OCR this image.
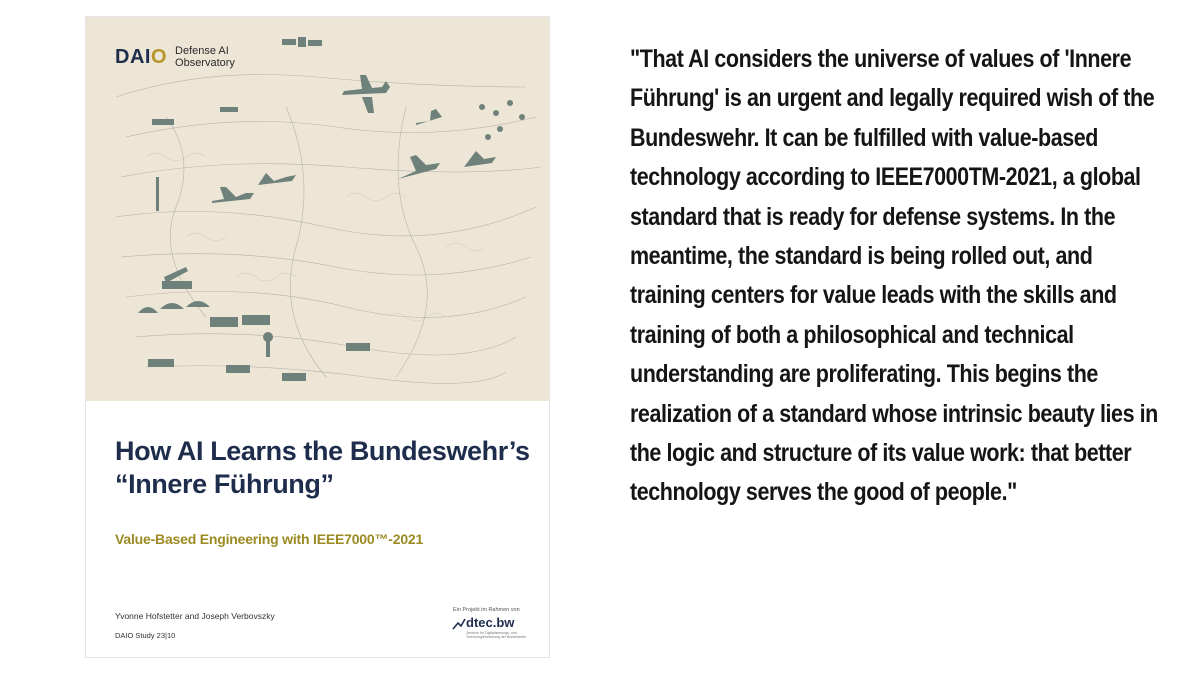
DAIO Defense AI Observatory
How AI Learns the Bundeswehr’s
“Innere Führung”
Value-Based Engineering with IEEE7000™-2021
Yvonne Hofstetter and Joseph Verbovszky
DAIO Study 23|10
Ein Projekt im Rahmen von
dtec.bw
Zentrum für Digitalisierungs- und Technologieforschung der Bundeswehr
"That AI considers the universe of values of 'Innere Führung' is an urgent and legally required wish of the Bundeswehr. It can be fulfilled with value-based technology according to IEEE7000TM-2021, a global standard that is ready for defense systems. In the meantime, the standard is being rolled out, and training centers for value leads with the skills and training of both a philosophical and technical understanding are proliferating. This begins the realization of a standard whose intrinsic beauty lies in the logic and structure of its value work: that better technology serves the good of people."
